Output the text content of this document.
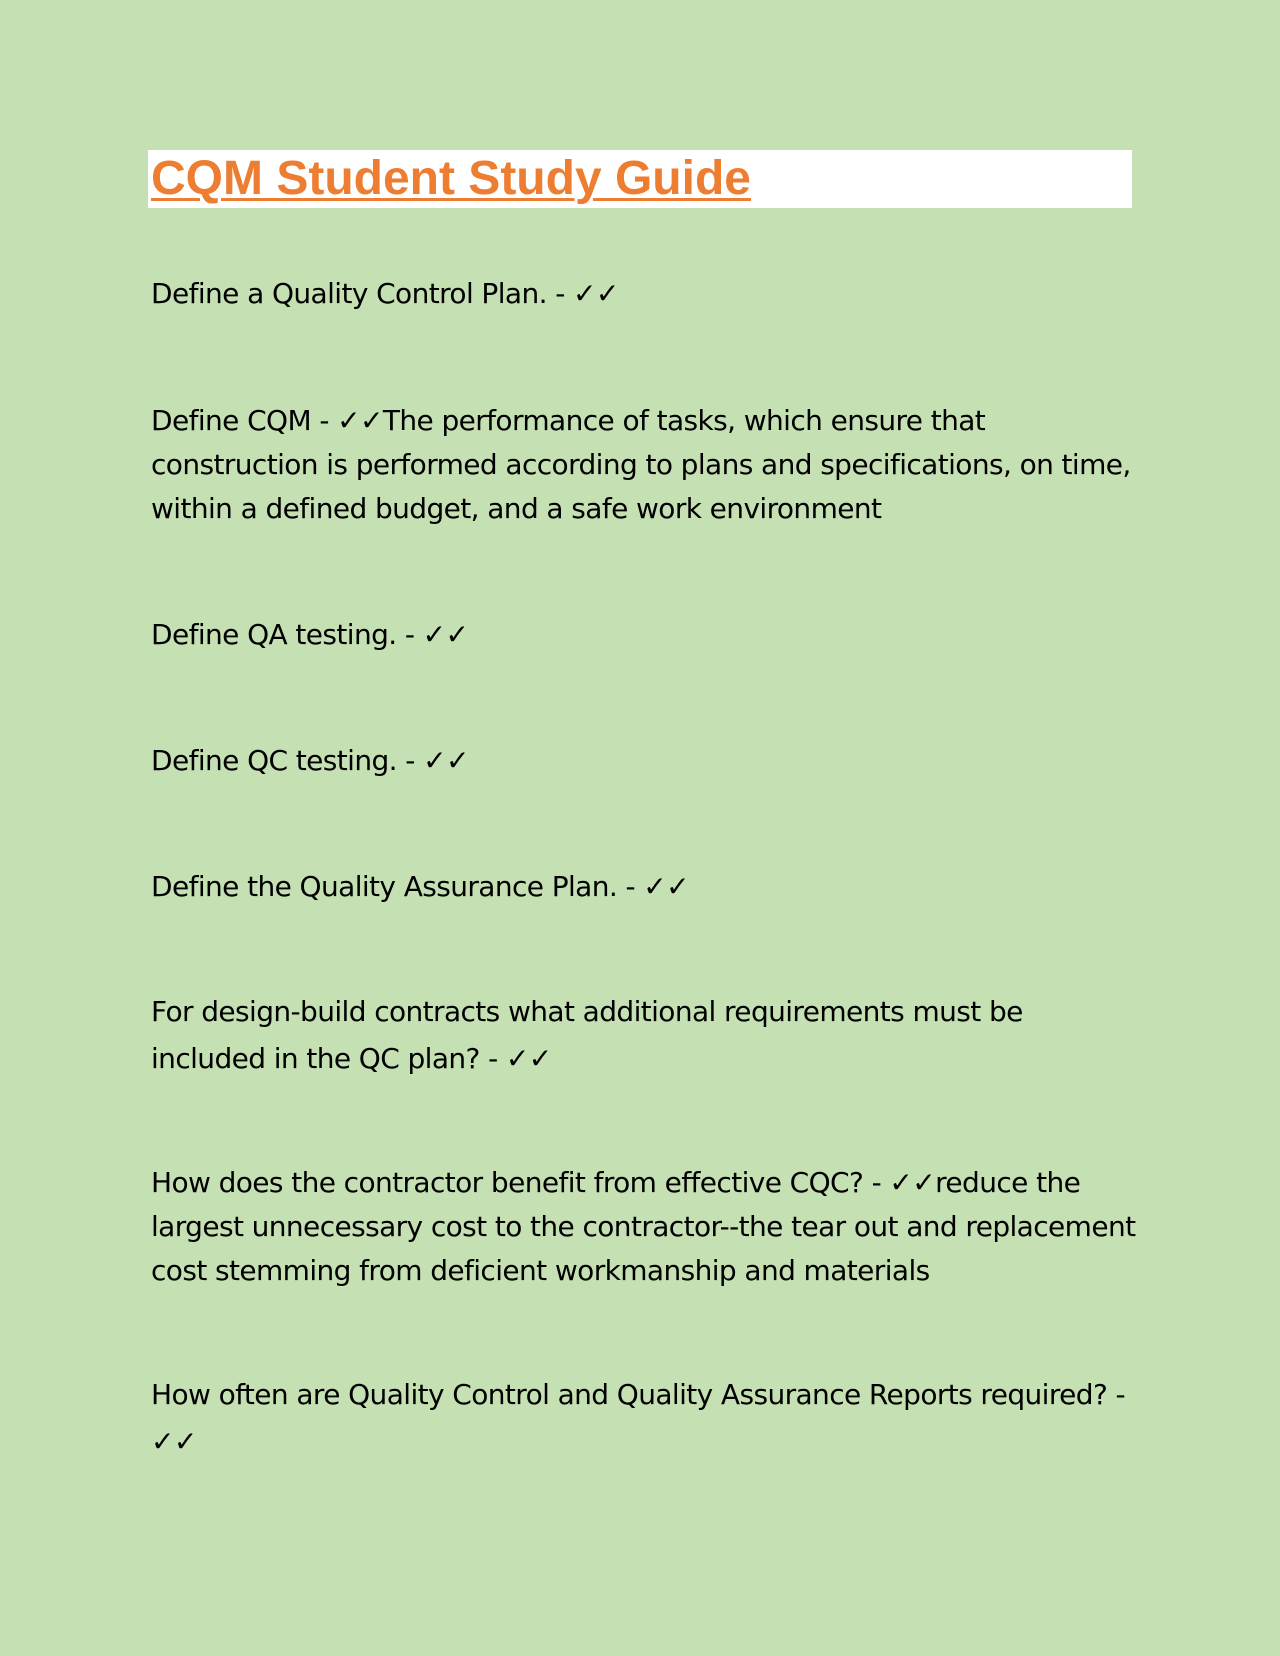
CQM Student Study Guide

Define a Quality Control Plan. - ✓✓

Define CQM - ✓✓The performance of tasks, which ensure that construction is performed according to plans and specifications, on time, within a defined budget, and a safe work environment

Define QA testing. - ✓✓

Define QC testing. - ✓✓

Define the Quality Assurance Plan. - ✓✓

For design-build contracts what additional requirements must be included in the QC plan? - ✓✓

How does the contractor benefit from effective CQC? - ✓✓reduce the largest unnecessary cost to the contractor--the tear out and replacement cost stemming from deficient workmanship and materials

How often are Quality Control and Quality Assurance Reports required? - ✓✓
